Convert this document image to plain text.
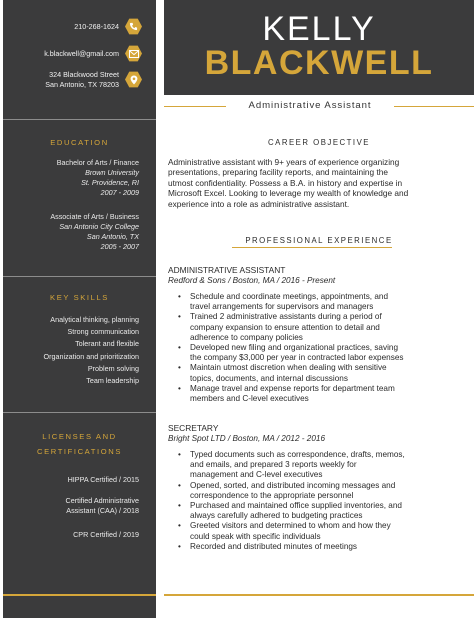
210-268-1624
k.blackwell@gmail.com
324 Blackwood Street
San Antonio, TX 78203
EDUCATION
Bachelor of Arts / Finance
Brown University
St. Providence, RI
2007 - 2009
Associate of Arts / Business
San Antonio City College
San Antonio, TX
2005 - 2007
KEY SKILLS
Analytical thinking, planning
Strong communication
Tolerant and flexible
Organization and prioritization
Problem solving
Team leadership
LICENSES AND
CERTIFICATIONS
HIPPA Certified / 2015
Certified Administrative
Assistant (CAA) / 2018
CPR Certified / 2019
KELLY
BLACKWELL
Administrative Assistant
CAREER OBJECTIVE
Administrative assistant with 9+ years of experience organizing
presentations, preparing facility reports, and maintaining the
utmost confidentiality. Possess a B.A. in history and expertise in
Microsoft Excel. Looking to leverage my wealth of knowledge and
experience into a role as administrative assistant.
PROFESSIONAL EXPERIENCE
ADMINISTRATIVE ASSISTANT
Redford & Sons / Boston, MA / 2016 - Present
• Schedule and coordinate meetings, appointments, and
travel arrangements for supervisors and managers
• Trained 2 administrative assistants during a period of
company expansion to ensure attention to detail and
adherence to company policies
• Developed new filing and organizational practices, saving
the company $3,000 per year in contracted labor expenses
• Maintain utmost discretion when dealing with sensitive
topics, documents, and internal discussions
• Manage travel and expense reports for department team
members and C-level executives
SECRETARY
Bright Spot LTD / Boston, MA / 2012 - 2016
• Typed documents such as correspondence, drafts, memos,
and emails, and prepared 3 reports weekly for
management and C-level executives
• Opened, sorted, and distributed incoming messages and
correspondence to the appropriate personnel
• Purchased and maintained office supplied inventories, and
always carefully adhered to budgeting practices
• Greeted visitors and determined to whom and how they
could speak with specific individuals
• Recorded and distributed minutes of meetings
